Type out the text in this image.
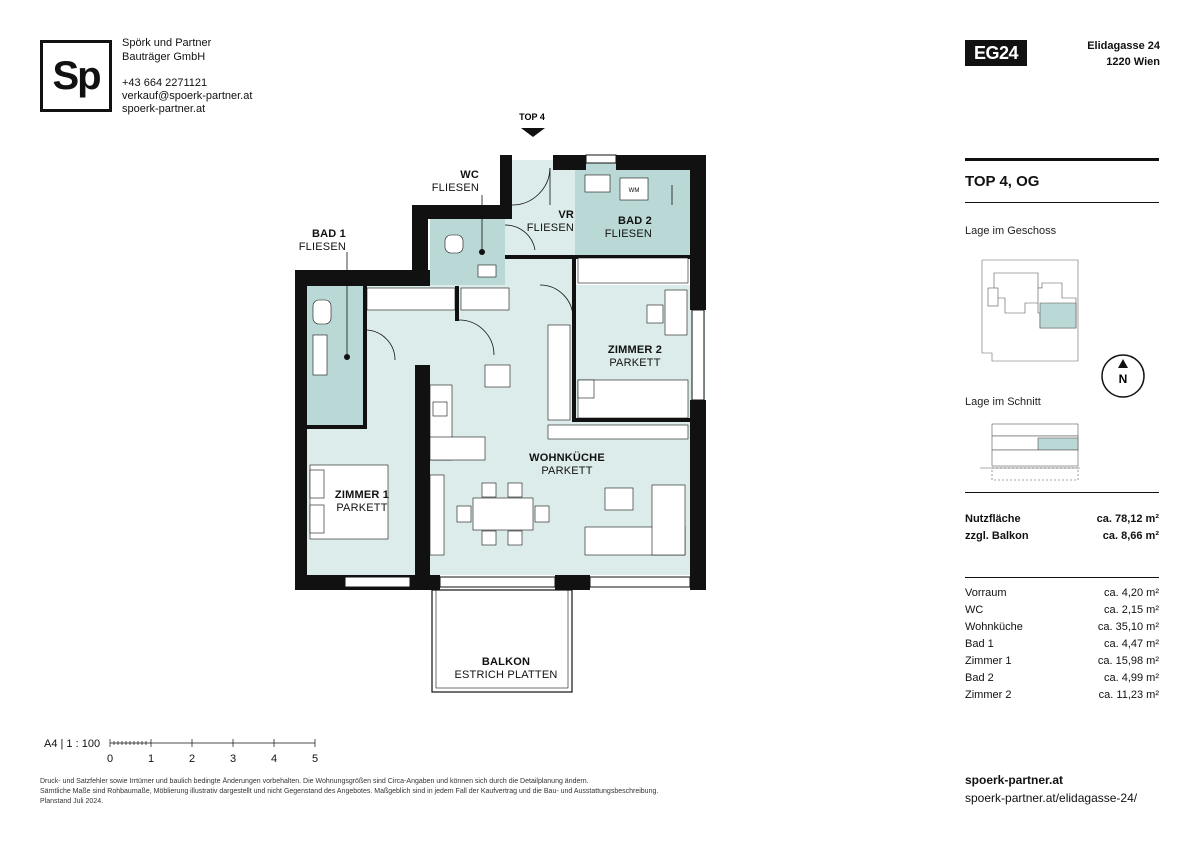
Sp
Spörk und Partner
Bauträger GmbH
+43 664 2271121
verkauf@spoerk-partner.at
spoerk-partner.at
EG24	Elidagasse 24
1220 Wien
TOP 4
WM
WC
FLIESEN
VR
FLIESEN
BAD 2
FLIESEN
BAD 1
FLIESEN
ZIMMER 2
PARKETT
WOHNKÜCHE
PARKETT
ZIMMER 1
PARKETT
BALKON
ESTRICH PLATTEN
TOP 4, OG
Lage im Geschoss
N
Lage im Schnitt
Nutzfläche	ca. 78,12 m²
zzgl. Balkon	ca. 8,66 m²
Vorraum	ca. 4,20 m²
WC	ca. 2,15 m²
Wohnküche	ca. 35,10 m²
Bad 1	ca. 4,47 m²
Zimmer 1	ca. 15,98 m²
Bad 2	ca. 4,99 m²
Zimmer 2	ca. 11,23 m²
spoerk-partner.at
spoerk-partner.at/elidagasse-24/
A4 | 1 : 100
0	1	2	3	4	5
Druck- und Satzfehler sowie Irrtümer und baulich bedingte Änderungen vorbehalten. Die Wohnungsgrößen sind Circa-Angaben und können sich durch die Detailplanung ändern.
Sämtliche Maße sind Rohbaumaße, Möblierung illustrativ dargestellt und nicht Gegenstand des Angebotes. Maßgeblich sind in jedem Fall der Kaufvertrag und die Bau- und Ausstattungsbeschreibung.
Planstand Juli 2024.
